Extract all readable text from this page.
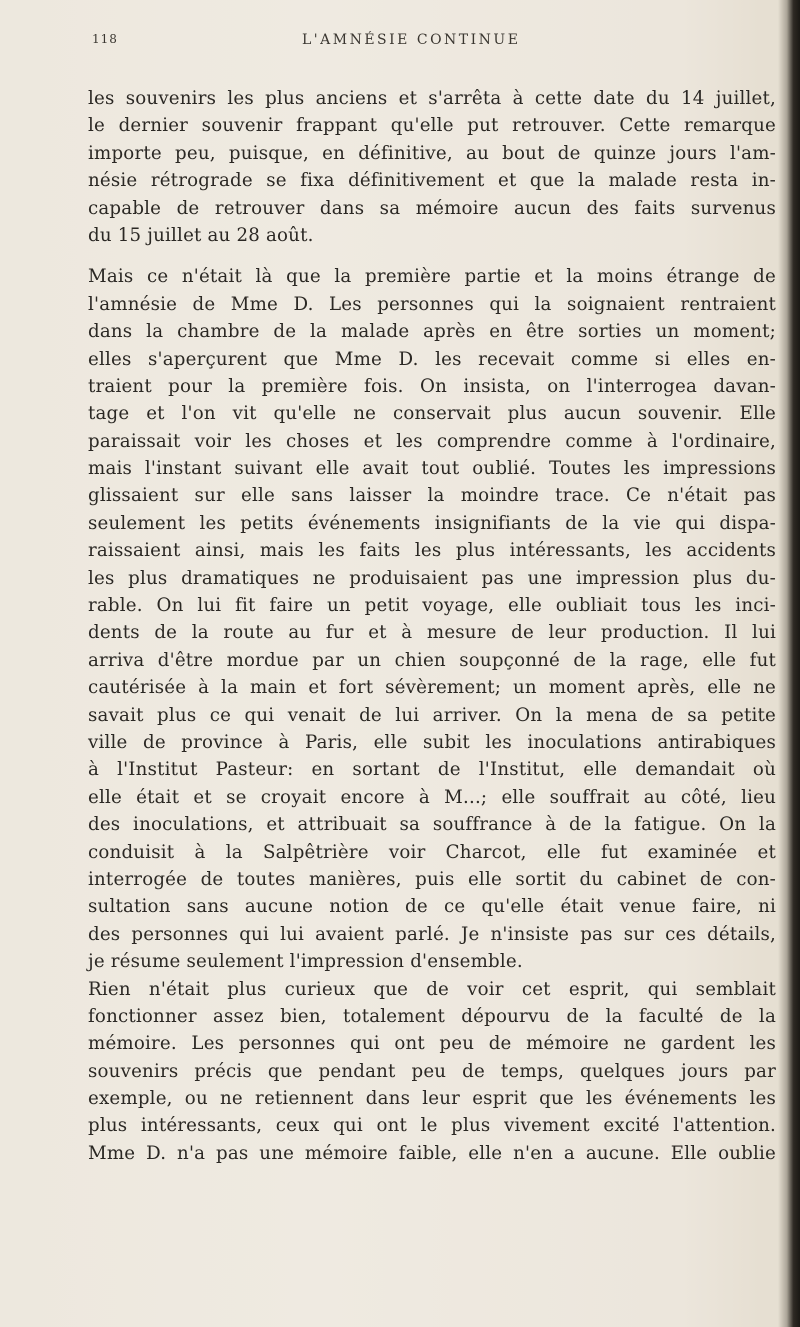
118	L'AMNÉSIE CONTINUE
les souvenirs les plus anciens et s'arrêta à cette date du 14 juillet,
le dernier souvenir frappant qu'elle put retrouver. Cette remarque
importe peu, puisque, en définitive, au bout de quinze jours l'am-
nésie rétrograde se fixa définitivement et que la malade resta in-
capable de retrouver dans sa mémoire aucun des faits survenus
du 15 juillet au 28 août.
Mais ce n'était là que la première partie et la moins étrange de
l'amnésie de Mme D. Les personnes qui la soignaient rentraient
dans la chambre de la malade après en être sorties un moment;
elles s'aperçurent que Mme D. les recevait comme si elles en-
traient pour la première fois. On insista, on l'interrogea davan-
tage et l'on vit qu'elle ne conservait plus aucun souvenir. Elle
paraissait voir les choses et les comprendre comme à l'ordinaire,
mais l'instant suivant elle avait tout oublié. Toutes les impressions
glissaient sur elle sans laisser la moindre trace. Ce n'était pas
seulement les petits événements insignifiants de la vie qui dispa-
raissaient ainsi, mais les faits les plus intéressants, les accidents
les plus dramatiques ne produisaient pas une impression plus du-
rable. On lui fit faire un petit voyage, elle oubliait tous les inci-
dents de la route au fur et à mesure de leur production. Il lui
arriva d'être mordue par un chien soupçonné de la rage, elle fut
cautérisée à la main et fort sévèrement; un moment après, elle ne
savait plus ce qui venait de lui arriver. On la mena de sa petite
ville de province à Paris, elle subit les inoculations antirabiques
à l'Institut Pasteur: en sortant de l'Institut, elle demandait où
elle était et se croyait encore à M...; elle souffrait au côté, lieu
des inoculations, et attribuait sa souffrance à de la fatigue. On la
conduisit à la Salpêtrière voir Charcot, elle fut examinée et
interrogée de toutes manières, puis elle sortit du cabinet de con-
sultation sans aucune notion de ce qu'elle était venue faire, ni
des personnes qui lui avaient parlé. Je n'insiste pas sur ces détails,
je résume seulement l'impression d'ensemble.
Rien n'était plus curieux que de voir cet esprit, qui semblait
fonctionner assez bien, totalement dépourvu de la faculté de la
mémoire. Les personnes qui ont peu de mémoire ne gardent les
souvenirs précis que pendant peu de temps, quelques jours par
exemple, ou ne retiennent dans leur esprit que les événements les
plus intéressants, ceux qui ont le plus vivement excité l'attention.
Mme D. n'a pas une mémoire faible, elle n'en a aucune. Elle oublie
